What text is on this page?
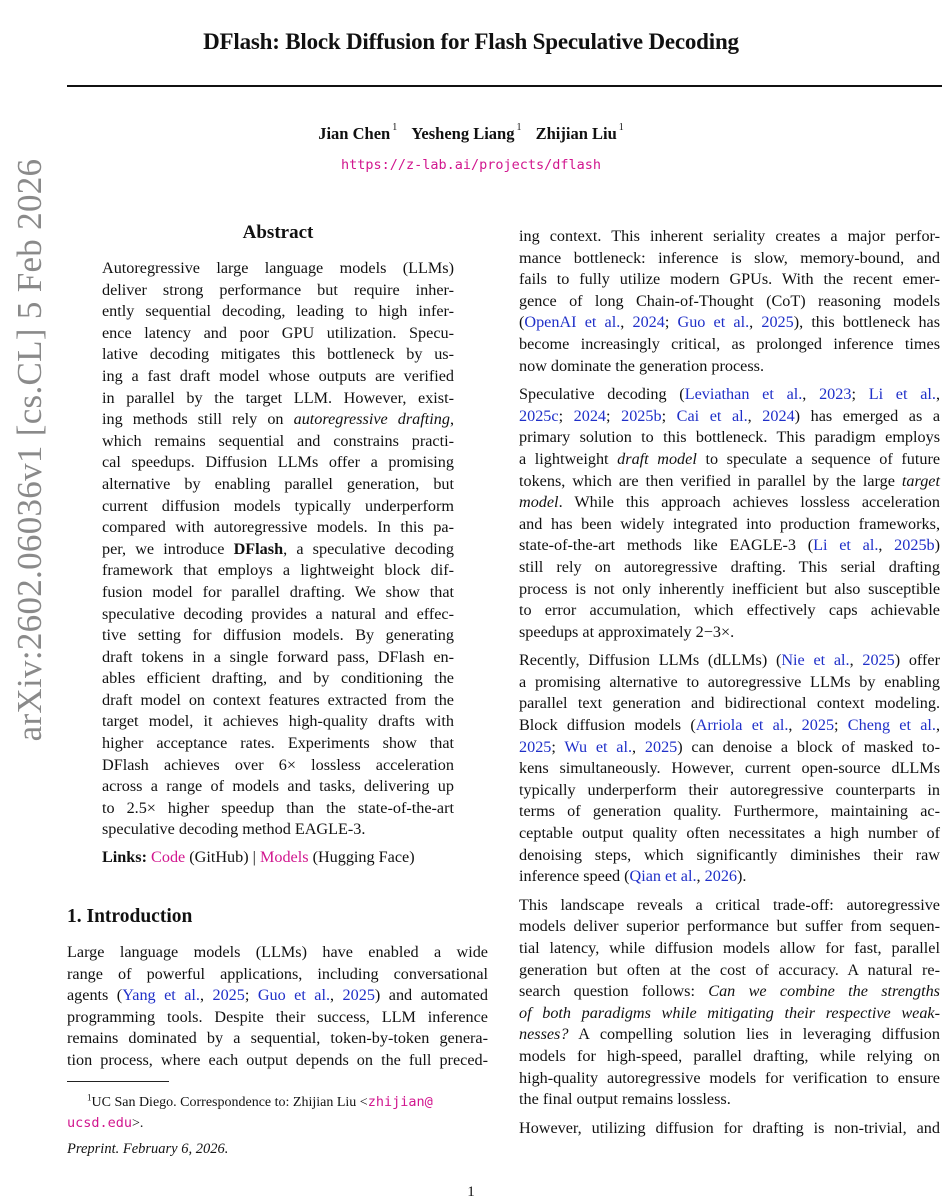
DFlash: Block Diffusion for Flash Speculative Decoding
Jian Chen $^1$ Yesheng Liang $^1$ Zhijian Liu $^1$
https://z-lab.ai/projects/dflash
arXiv:2602.06036v1 [cs.CL] 5 Feb 2026	Abstract
Autoregressive large language models (LLMs)
deliver strong performance but require inher-
ently sequential decoding, leading to high infer-
ence latency and poor GPU utilization. Specu-
lative decoding mitigates this bottleneck by us-
ing a fast draft model whose outputs are verified
in parallel by the target LLM. However, exist-
ing methods still rely on autoregressive drafting,
which remains sequential and constrains practi-
cal speedups. Diffusion LLMs offer a promising
alternative by enabling parallel generation, but
current diffusion models typically underperform
compared with autoregressive models. In this pa-
per, we introduce DFlash, a speculative decoding
framework that employs a lightweight block dif-
fusion model for parallel drafting. We show that
speculative decoding provides a natural and effec-
tive setting for diffusion models. By generating
draft tokens in a single forward pass, DFlash en-
ables efficient drafting, and by conditioning the
draft model on context features extracted from the
target model, it achieves high-quality drafts with
higher acceptance rates. Experiments show that
DFlash achieves over 6× lossless acceleration
across a range of models and tasks, delivering up
to 2.5× higher speedup than the state-of-the-art
speculative decoding method EAGLE-3.
Links: Code (GitHub) | Models (Hugging Face)
1. Introduction
Large language models (LLMs) have enabled a wide
range of powerful applications, including conversational
agents (Yang et al., 2025; Guo et al., 2025) and automated
programming tools. Despite their success, LLM inference
remains dominated by a sequential, token-by-token genera-
tion process, where each output depends on the full preced-
$^1$UC San Diego. Correspondence to: Zhijian Liu <zhijian@
ucsd.edu>.
Preprint. February 6, 2026.
ing context. This inherent seriality creates a major perfor-
mance bottleneck: inference is slow, memory-bound, and
fails to fully utilize modern GPUs. With the recent emer-
gence of long Chain-of-Thought (CoT) reasoning models
(OpenAI et al., 2024; Guo et al., 2025), this bottleneck has
become increasingly critical, as prolonged inference times
now dominate the generation process.
Speculative decoding (Leviathan et al., 2023; Li et al.,
2025c; 2024; 2025b; Cai et al., 2024) has emerged as a
primary solution to this bottleneck. This paradigm employs
a lightweight draft model to speculate a sequence of future
tokens, which are then verified in parallel by the large target
model. While this approach achieves lossless acceleration
and has been widely integrated into production frameworks,
state-of-the-art methods like EAGLE-3 (Li et al., 2025b)
still rely on autoregressive drafting. This serial drafting
process is not only inherently inefficient but also susceptible
to error accumulation, which effectively caps achievable
speedups at approximately 2−3×.
Recently, Diffusion LLMs (dLLMs) (Nie et al., 2025) offer
a promising alternative to autoregressive LLMs by enabling
parallel text generation and bidirectional context modeling.
Block diffusion models (Arriola et al., 2025; Cheng et al.,
2025; Wu et al., 2025) can denoise a block of masked to-
kens simultaneously. However, current open-source dLLMs
typically underperform their autoregressive counterparts in
terms of generation quality. Furthermore, maintaining ac-
ceptable output quality often necessitates a high number of
denoising steps, which significantly diminishes their raw
inference speed (Qian et al., 2026).
This landscape reveals a critical trade-off: autoregressive
models deliver superior performance but suffer from sequen-
tial latency, while diffusion models allow for fast, parallel
generation but often at the cost of accuracy. A natural re-
search question follows: Can we combine the strengths
of both paradigms while mitigating their respective weak-
nesses? A compelling solution lies in leveraging diffusion
models for high-speed, parallel drafting, while relying on
high-quality autoregressive models for verification to ensure
the final output remains lossless.
However, utilizing diffusion for drafting is non-trivial, and
1
